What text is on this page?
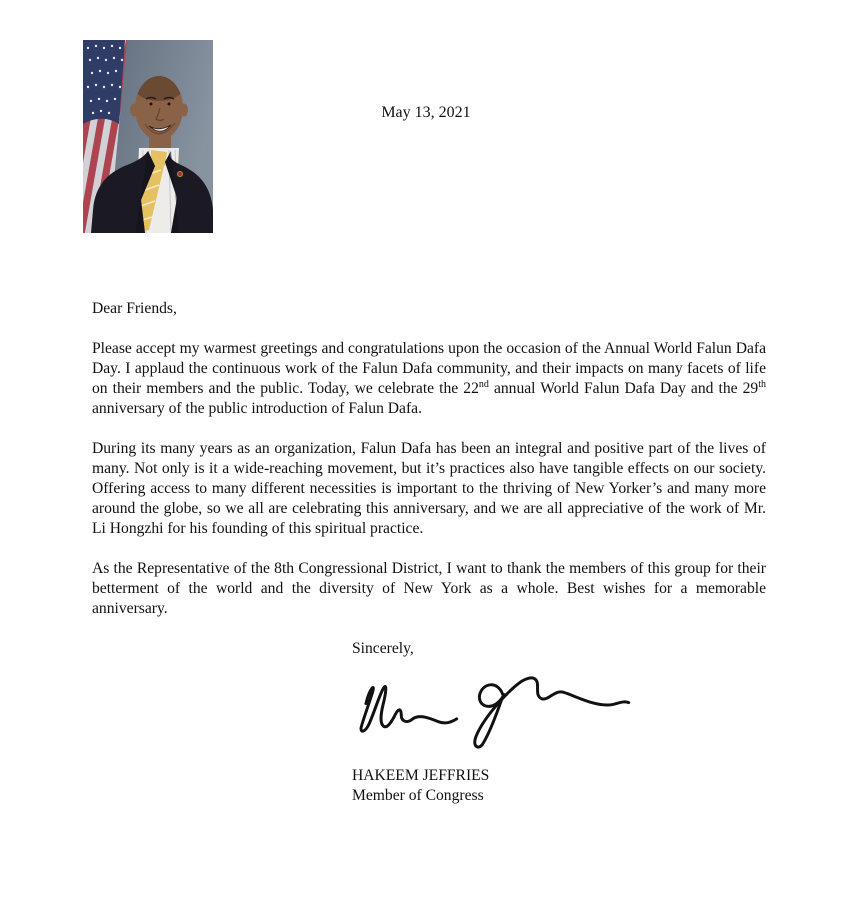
May 13, 2021

Dear Friends,

Please accept my warmest greetings and congratulations upon the occasion of the Annual World Falun Dafa Day. I applaud the continuous work of the Falun Dafa community, and their impacts on many facets of life on their members and the public. Today, we celebrate the 22nd annual World Falun Dafa Day and the 29th anniversary of the public introduction of Falun Dafa.

During its many years as an organization, Falun Dafa has been an integral and positive part of the lives of many. Not only is it a wide-reaching movement, but it’s practices also have tangible effects on our society. Offering access to many different necessities is important to the thriving of New Yorker’s and many more around the globe, so we all are celebrating this anniversary, and we are all appreciative of the work of Mr. Li Hongzhi for his founding of this spiritual practice.

As the Representative of the 8th Congressional District, I want to thank the members of this group for their betterment of the world and the diversity of New York as a whole. Best wishes for a memorable anniversary.

Sincerely,

HAKEEM JEFFRIES

Member of Congress
